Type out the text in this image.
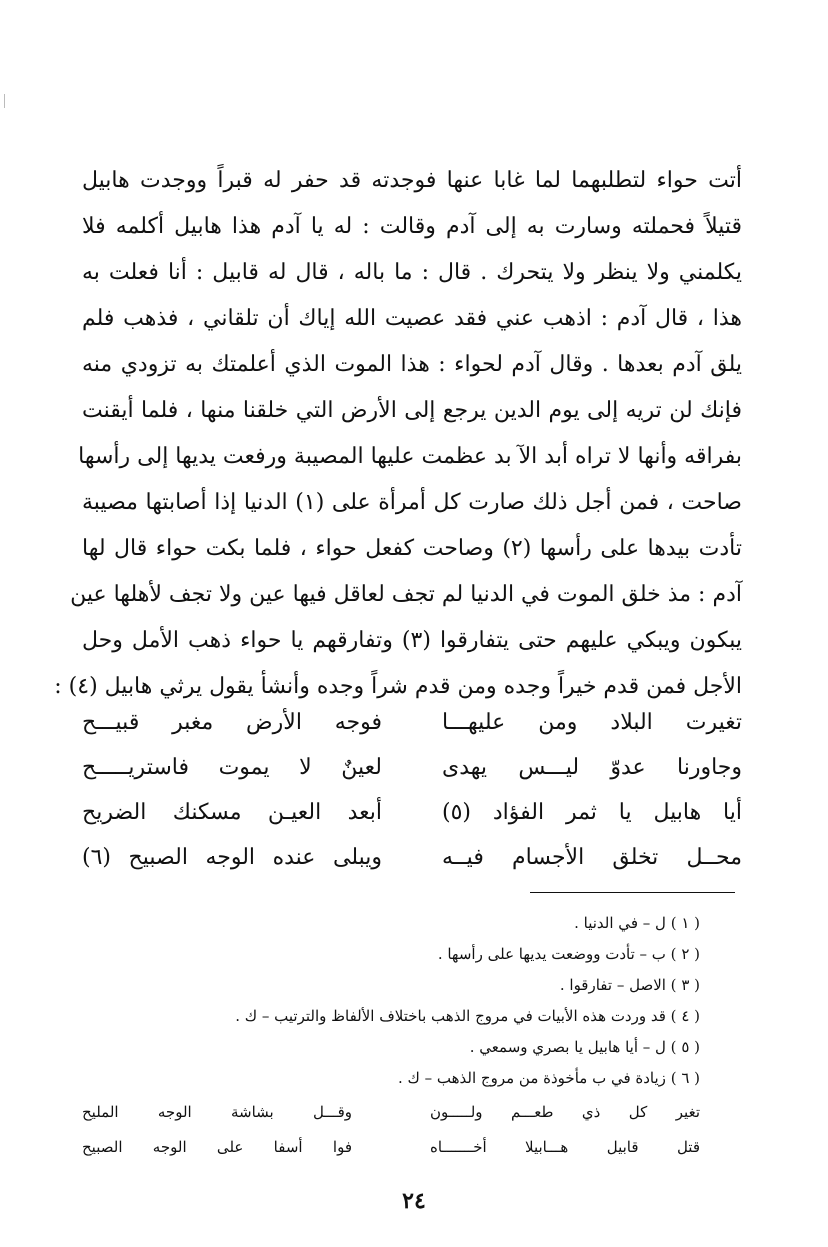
أتت حواء لتطلبهما لما غابا عنها فوجدته قد حفر له قبراً ووجدت هابيل
قتيلاً فحملته وسارت به إلى آدم وقالت : له يا آدم هذا هابيل أكلمه فلا
يكلمني ولا ينظر ولا يتحرك . قال : ما باله ، قال له قابيل : أنا فعلت به
هذا ، قال آدم : اذهب عني فقد عصيت الله إياك أن تلقاني ، فذهب فلم
يلق آدم بعدها . وقال آدم لحواء : هذا الموت الذي أعلمتك به تزودي منه
فإنك لن تريه إلى يوم الدين يرجع إلى الأرض التي خلقنا منها ، فلما أيقنت
بفراقه وأنها لا تراه أبد الآ بد عظمت عليها المصيبة ورفعت يديها إلى رأسها
صاحت ، فمن أجل ذلك صارت كل أمرأة على (١) الدنيا إذا أصابتها مصيبة
تأدت بيدها على رأسها (٢) وصاحت كفعل حواء ، فلما بكت حواء قال لها
آدم : مذ خلق الموت في الدنيا لم تجف لعاقل فيها عين ولا تجف لأهلها عين
يبكون ويبكي عليهم حتى يتفارقوا (٣) وتفارقهم يا حواء ذهب الأمل وحل
الأجل فمن قدم خيراً وجده ومن قدم شراً وجده وأنشأ يقول يرثي هابيل (٤) :
تغيرت البلاد ومن عليهـــا
فوجه الأرض مغبر قبيـــح
وجاورنا عدوّ ليـــس يهدى
لعينٌ لا يموت فاستريـــــح
أيا هابيل يا ثمر الفؤاد (٥)
أبعد العيـن مسكنك الضريح
محــل تخلق الأجسام فيــه
ويبلى عنده الوجه الصبيح (٦)
( ١ ) ل – في الدنيا .
( ٢ ) ب – تأدت ووضعت يديها على رأسها .
( ٣ ) الاصل – تفارقوا .
( ٤ ) قد وردت هذه الأبيات في مروج الذهب باختلاف الألفاظ والترتيب – ك .
( ٥ ) ل – أيا هابيل يا بصري وسمعي .
( ٦ ) زيادة في ب مأخوذة من مروج الذهب – ك .
تغير كل ذي طعـــم ولـــــون
وقـــل بشاشة الوجه المليح
قتل قابيل هـــابيلا أخـــــــاه
فوا أسفا على الوجه الصبيح
٢٤
